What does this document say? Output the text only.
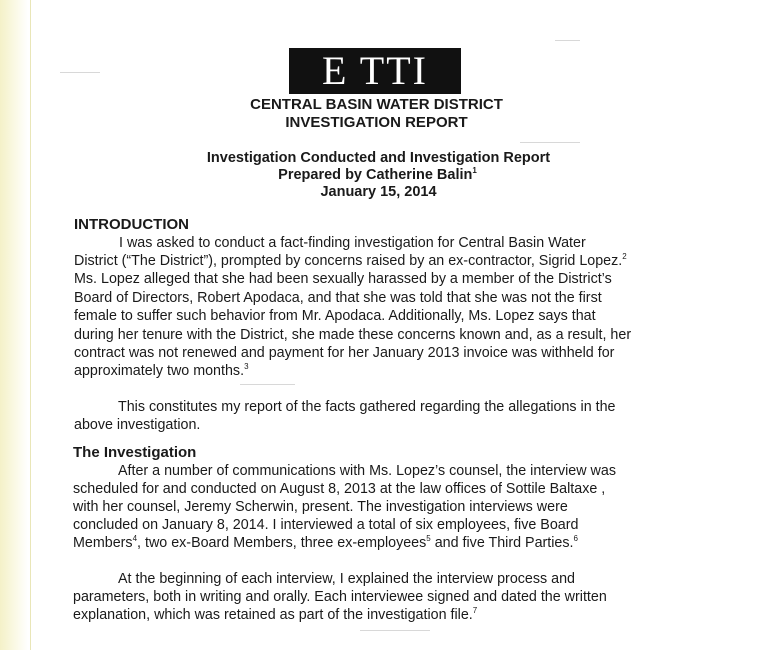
E TTI
CENTRAL BASIN WATER DISTRICT
INVESTIGATION REPORT
Investigation Conducted and Investigation Report
Prepared by Catherine Balin$^1$
January 15, 2014
INTRODUCTION
I was asked to conduct a fact-finding investigation for Central Basin Water
District (“The District”), prompted by concerns raised by an ex-contractor, Sigrid Lopez.$^2$
Ms. Lopez alleged that she had been sexually harassed by a member of the District’s
Board of Directors, Robert Apodaca, and that she was told that she was not the first
female to suffer such behavior from Mr. Apodaca. Additionally, Ms. Lopez says that
during her tenure with the District, she made these concerns known and, as a result, her
contract was not renewed and payment for her January 2013 invoice was withheld for
approximately two months.$^3$
This constitutes my report of the facts gathered regarding the allegations in the
above investigation.
The Investigation
After a number of communications with Ms. Lopez’s counsel, the interview was
scheduled for and conducted on August 8, 2013 at the law offices of Sottile Baltaxe ,
with her counsel, Jeremy Scherwin, present. The investigation interviews were
concluded on January 8, 2014. I interviewed a total of six employees, five Board
Members$^4$, two ex-Board Members, three ex-employees$^5$ and five Third Parties.$^6$
At the beginning of each interview, I explained the interview process and
parameters, both in writing and orally. Each interviewee signed and dated the written
explanation, which was retained as part of the investigation file.$^7$
